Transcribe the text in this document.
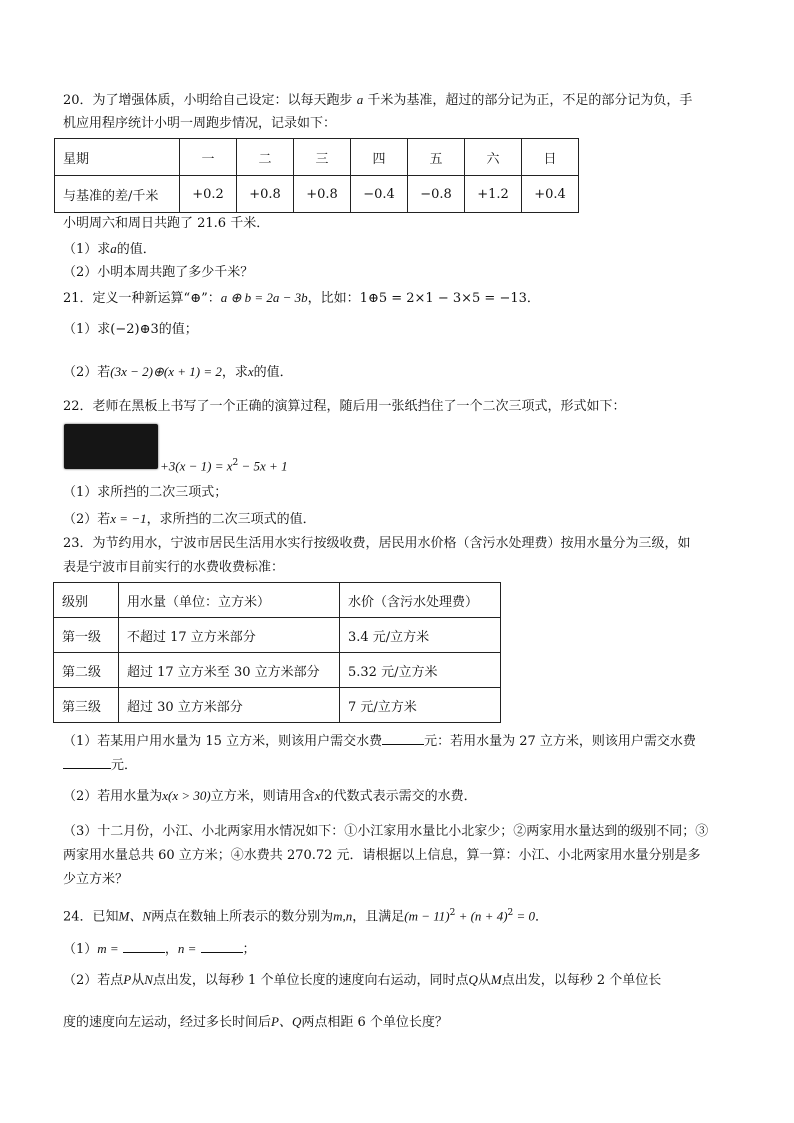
20．为了增强体质，小明给自己设定：以每天跑步 a 千米为基准，超过的部分记为正，不足的部分记为负，手
机应用程序统计小明一周跑步情况，记录如下：
星期	一	二	三	四	五	六	日
与基准的差/千米	+0.2	+0.8	+0.8	−0.4	−0.8	+1.2	+0.4
小明周六和周日共跑了 21.6 千米．
（1）求a的值．
（2）小明本周共跑了多少千米？
21．定义一种新运算“⊕”：a ⊕ b = 2a − 3b，比如：1⊕5 = 2×1 − 3×5 = −13．
（1）求(−2)⊕3的值；
（2）若(3x − 2)⊕(x + 1) = 2，求x的值．
22．老师在黑板上书写了一个正确的演算过程，随后用一张纸挡住了一个二次三项式，形式如下：
$+3(x - 1) = x^2 - 5x + 1$
（1）求所挡的二次三项式；
（2）若x = −1，求所挡的二次三项式的值．
23．为节约用水，宁波市居民生活用水实行按级收费，居民用水价格（含污水处理费）按用水量分为三级，如
表是宁波市目前实行的水费收费标准：
级别	用水量（单位：立方米）	水价（含污水处理费）
第一级	不超过 17 立方米部分	3.4 元/立方米
第二级	超过 17 立方米至 30 立方米部分	5.32 元/立方米
第三级	超过 30 立方米部分	7 元/立方米
（1）若某用户用水量为 15 立方米，则该用户需交水费	元：若用水量为 27 立方米，则该用户需交水费
元．
（2）若用水量为x(x > 30)立方米，则请用含x的代数式表示需交的水费．
（3）十二月份，小江、小北两家用水情况如下：①小江家用水量比小北家少；②两家用水量达到的级别不同；③
两家用水量总共 60 立方米；④水费共 270.72 元．请根据以上信息，算一算：小江、小北两家用水量分别是多
少立方米？
24．已知M、N两点在数轴上所表示的数分别为m,n，且满足$(m - 11)^2 + (n + 4)^2 = 0$．
（1）m =	，n =	；
（2）若点P从N点出发，以每秒 1 个单位长度的速度向右运动，同时点Q从M点出发，以每秒 2 个单位长
度的速度向左运动，经过多长时间后P、Q两点相距 6 个单位长度？
